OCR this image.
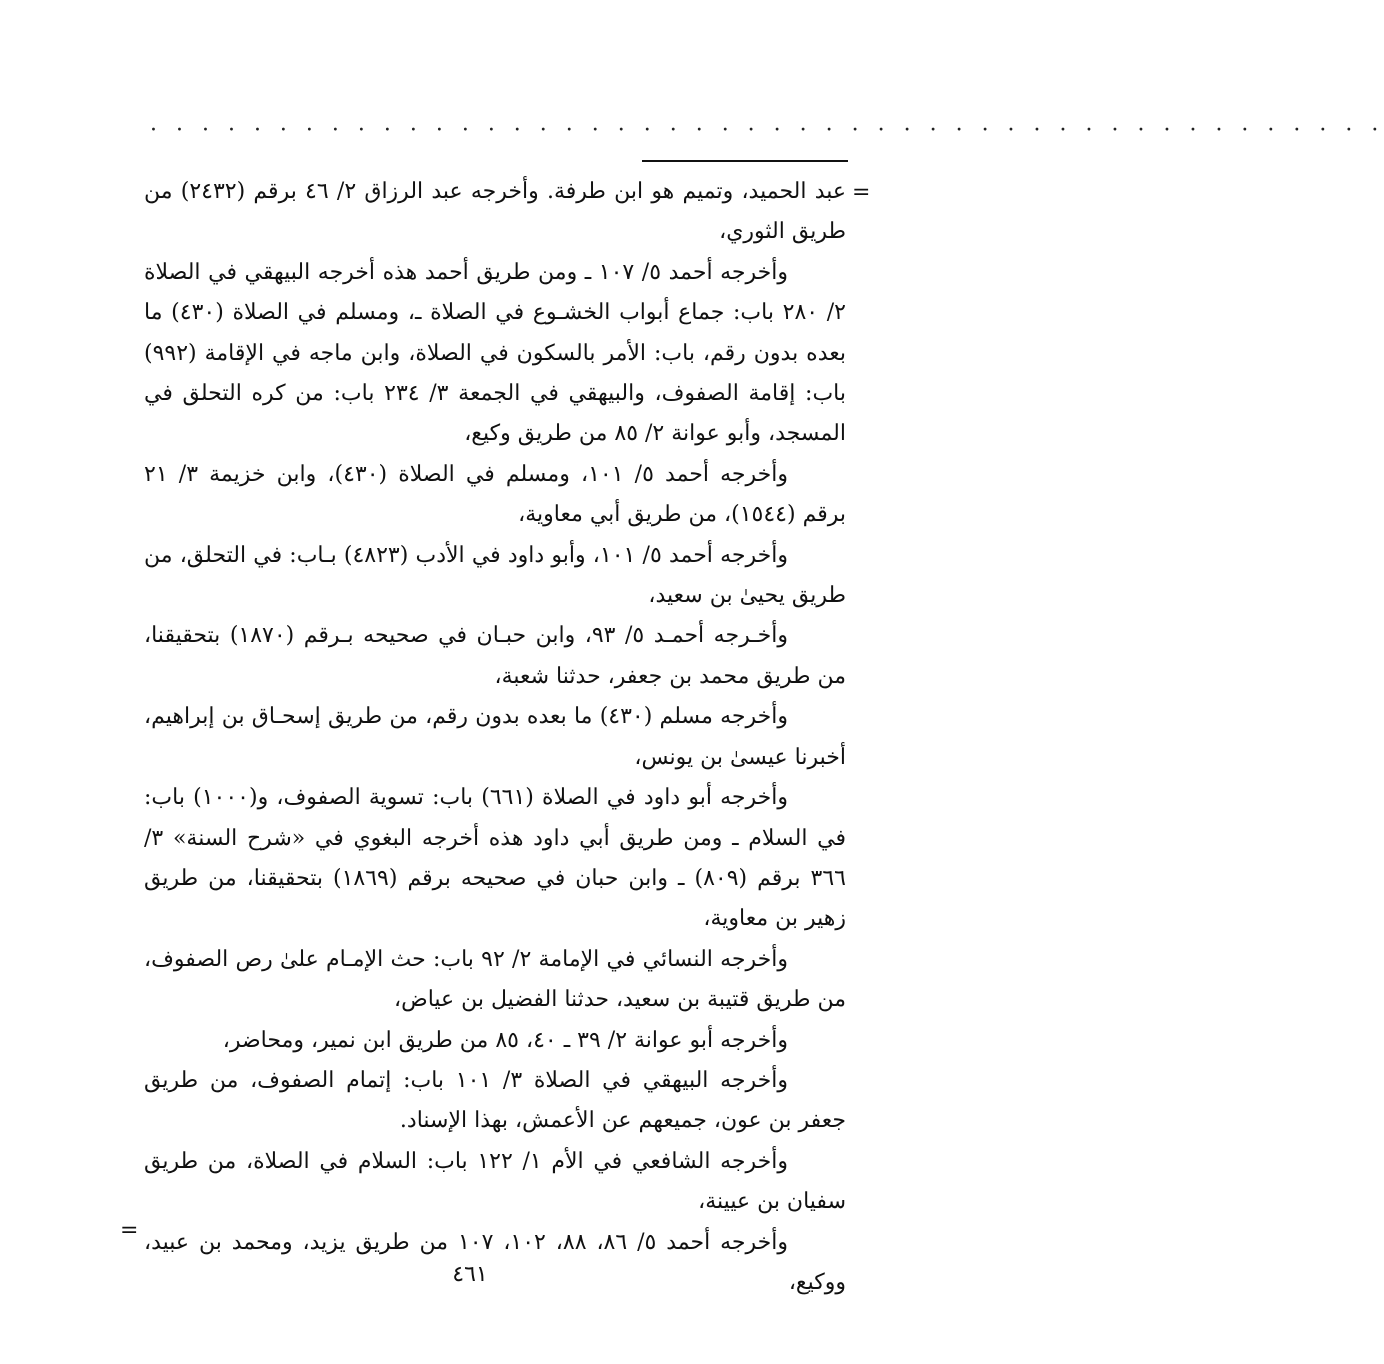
· · · · · · · · · · · · · · · · · · · · · · · · · · · · · · · · · · · · · · · · · · · · · · · ·
=

عبد الحميد، وتميم هو ابن طرفة. وأخرجه عبد الرزاق ٢/ ٤٦ برقم (٢٤٣٢) من طريق الثوري،

وأخرجه أحمد ٥/ ١٠٧ ـ ومن طريق أحمد هذه أخرجه البيهقي في الصلاة ٢/ ٢٨٠ باب: جماع أبواب الخشـوع في الصلاة ـ، ومسلم في الصلاة (٤٣٠) ما بعده بدون رقم، باب: الأمر بالسكون في الصلاة، وابن ماجه في الإقامة (٩٩٢) باب: إقامة الصفوف، والبيهقي في الجمعة ٣/ ٢٣٤ باب: من كره التحلق في المسجد، وأبو عوانة ٢/ ٨٥ من طريق وكيع،

وأخرجه أحمد ٥/ ١٠١، ومسلم في الصلاة (٤٣٠)، وابن خزيمة ٣/ ٢١ برقم (١٥٤٤)، من طريق أبي معاوية،

وأخرجه أحمد ٥/ ١٠١، وأبو داود في الأدب (٤٨٢٣) بـاب: في التحلق، من طريق يحيىٰ بن سعيد،

وأخـرجه أحمـد ٥/ ٩٣، وابن حبـان في صحيحه بـرقم (١٨٧٠) بتحقيقنا، من طريق محمد بن جعفر، حدثنا شعبة،

وأخرجه مسلم (٤٣٠) ما بعده بدون رقم، من طريق إسحـاق بن إبراهيم، أخبرنا عيسىٰ بن يونس،

وأخرجه أبو داود في الصلاة (٦٦١) باب: تسوية الصفوف، و(١٠٠٠) باب: في السلام ـ ومن طريق أبي داود هذه أخرجه البغوي في «شرح السنة» ٣/ ٣٦٦ برقم (٨٠٩) ـ وابن حبان في صحيحه برقم (١٨٦٩) بتحقيقنا، من طريق زهير بن معاوية،

وأخرجه النسائي في الإمامة ٢/ ٩٢ باب: حث الإمـام علىٰ رص الصفوف، من طريق قتيبة بن سعيد، حدثنا الفضيل بن عياض،

وأخرجه أبو عوانة ٢/ ٣٩ ـ ٤٠، ٨٥ من طريق ابن نمير، ومحاضر،

وأخرجه البيهقي في الصلاة ٣/ ١٠١ باب: إتمام الصفوف، من طريق جعفر بن عون، جميعهم عن الأعمش، بهذا الإسناد.

وأخرجه الشافعي في الأم ١/ ١٢٢ باب: السلام في الصلاة، من طريق سفيان بن عيينة،

وأخرجه أحمد ٥/ ٨٦، ٨٨، ١٠٢، ١٠٧ من طريق يزيد، ومحمد بن عبيد، ووكيع،

=
٤٦١
